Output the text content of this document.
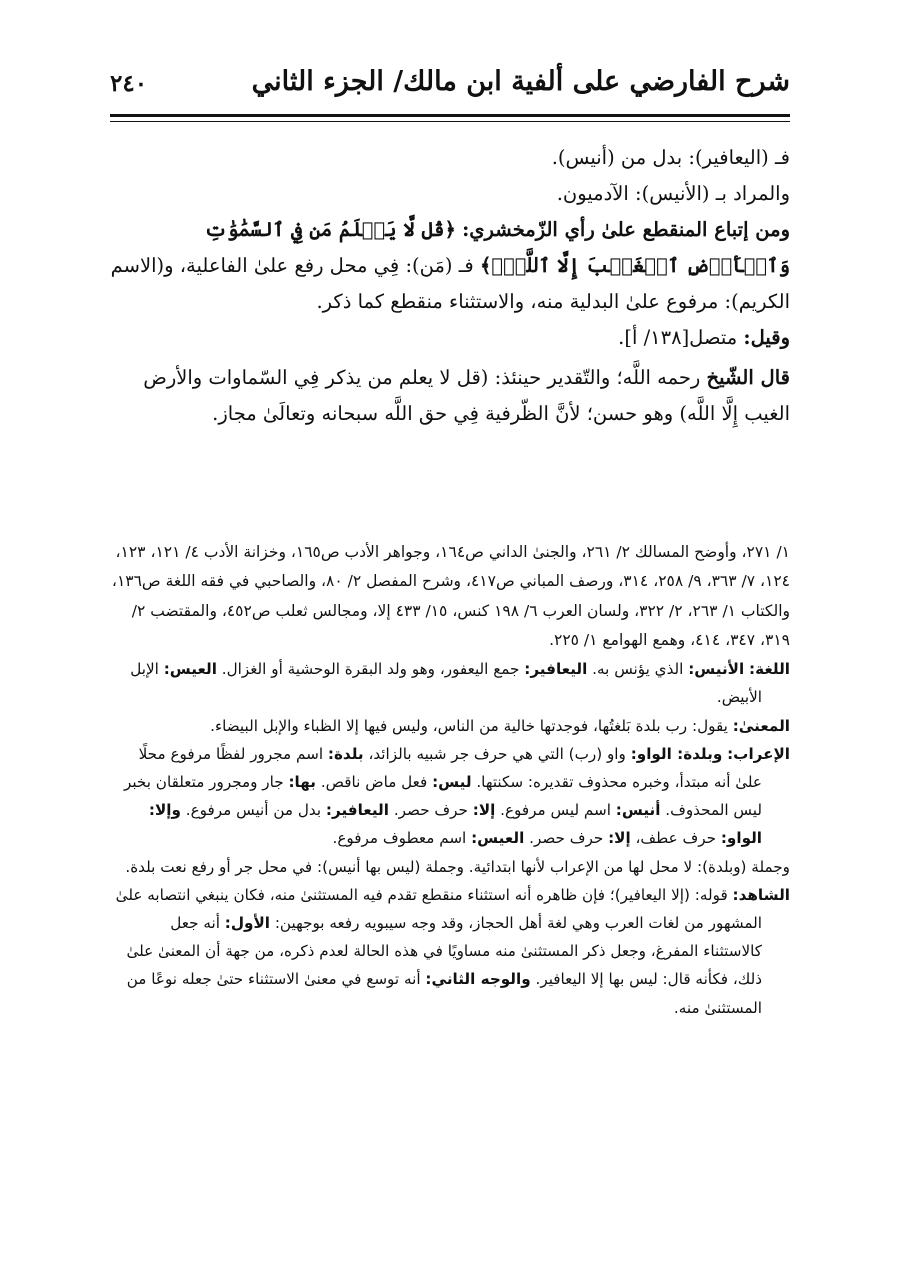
شرح الفارضي على ألفية ابن مالك/ الجزء الثاني
٢٤٠

فـ (اليعافير): بدل من (أنيس).

والمراد بـ (الأنيس): الآدميون.

ومن إتباع المنقطع علىٰ رأي الزّمخشري: ﴿قُل لَّا يَعۡلَمُ مَن فِي ٱلسَّمَٰوَٰتِ وَٱلۡأَرۡضِ ٱلۡغَيۡبَ إِلَّا ٱللَّهُۚ﴾ فـ (مَن): فِي محل رفع علىٰ الفاعلية، و(الاسم الكريم): مرفوع علىٰ البدلية منه، والاستثناء منقطع كما ذكر.

وقيل: متصل[١٣٨/ أ].

قال الشّيخ رحمه اللَّه؛ والتّقدير حينئذ: (قل لا يعلم من يذكر فِي السّماوات والأرض الغيب إِلَّا اللَّه) وهو حسن؛ لأنَّ الظّرفية فِي حق اللَّه سبحانه وتعالَىٰ مجاز.

١/ ٢٧١، وأوضح المسالك ٢/ ٢٦١، والجنىٰ الداني ص١٦٤، وجواهر الأدب ص١٦٥، وخزانة الأدب ٤/ ١٢١، ١٢٣، ١٢٤، ٧/ ٣٦٣، ٩/ ٢٥٨، ٣١٤، ورصف المباني ص٤١٧، وشرح المفصل ٢/ ٨٠، والصاحبي في فقه اللغة ص١٣٦، والكتاب ١/ ٢٦٣، ٢/ ٣٢٢، ولسان العرب ٦/ ١٩٨ كنس، ١٥/ ٤٣٣ إلا، ومجالس ثعلب ص٤٥٢، والمقتضب ٢/ ٣١٩، ٣٤٧، ٤١٤، وهمع الهوامع ١/ ٢٢٥.

اللغة: الأنيس: الذي يؤنس به. اليعافير: جمع اليعفور، وهو ولد البقرة الوحشية أو الغزال. العيس: الإبل الأبيض.

المعنىٰ: يقول: رب بلدة بَلغتُها، فوجدتها خالية من الناس، وليس فيها إلا الظباء والإبل البيضاء.

الإعراب: وبلدة: الواو: واو (رب) التي هي حرف جر شبيه بالزائد، بلدة: اسم مجرور لفظًا مرفوع محلًا علىٰ أنه مبتدأ، وخبره محذوف تقديره: سكنتها. ليس: فعل ماض ناقص. بها: جار ومجرور متعلقان بخبر ليس المحذوف. أنيس: اسم ليس مرفوع. إلا: حرف حصر. اليعافير: بدل من أنيس مرفوع. وإلا: الواو: حرف عطف، إلا: حرف حصر. العيس: اسم معطوف مرفوع.

وجملة (وبلدة): لا محل لها من الإعراب لأنها ابتدائية. وجملة (ليس بها أنيس): في محل جر أو رفع نعت بلدة.

الشاهد: قوله: (إلا اليعافير)؛ فإن ظاهره أنه استثناء منقطع تقدم فيه المستثنىٰ منه، فكان ينبغي انتصابه علىٰ المشهور من لغات العرب وهي لغة أهل الحجاز، وقد وجه سيبويه رفعه بوجهين: الأول: أنه جعل كالاستثناء المفرغ، وجعل ذكر المستثنىٰ منه مساويًا في هذه الحالة لعدم ذكره، من جهة أن المعنىٰ علىٰ ذلك، فكأنه قال: ليس بها إلا اليعافير. والوجه الثاني: أنه توسع في معنىٰ الاستثناء حتىٰ جعله نوعًا من المستثنىٰ منه.
